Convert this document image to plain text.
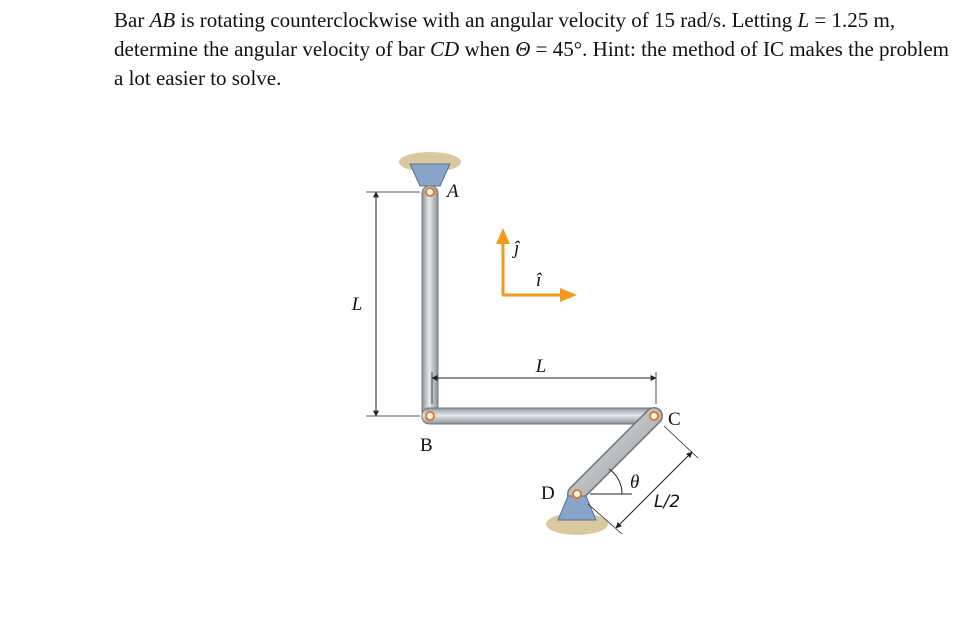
Bar AB is rotating counterclockwise with an angular velocity of 15 rad/s. Letting L = 1.25 m, determine the angular velocity of bar CD when Θ = 45°. Hint: the method of IC makes the problem a lot easier to solve.
L
A
B
L
ĵ
î
C
D
θ
L/2
